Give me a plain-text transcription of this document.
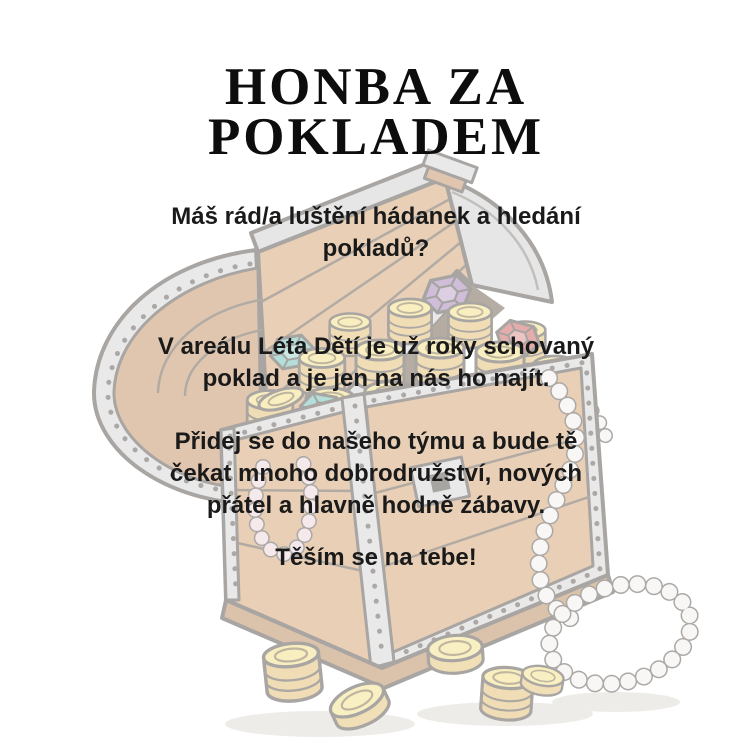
HONBA ZA
POKLADEM
Máš rád/a luštění hádanek a hledání
pokladů?
V areálu Léta Dětí je už roky schovaný
poklad a je jen na nás ho najít.
Přidej se do našeho týmu a bude tě
čekat mnoho dobrodružství, nových
přátel a hlavně hodně zábavy.
Těším se na tebe!
